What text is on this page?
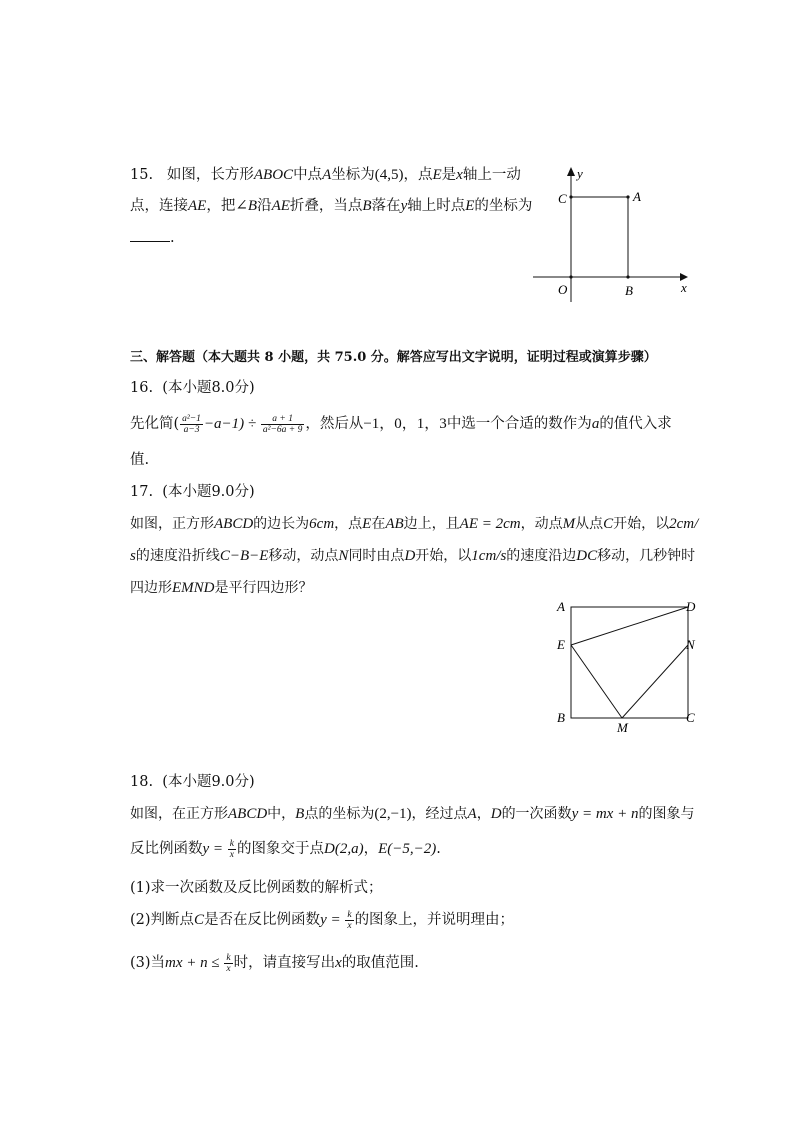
15. 如图，长方形ABOC中点A坐标为(4,5)，点E是x轴上一动
点，连接AE，把∠B沿AE折叠，当点B落在y轴上时点E的坐标为
.
y
C	A
O	B	x
三、解答题（本大题共 8 小题，共 75.0 分。解答应写出文字说明，证明过程或演算步骤）
16. (本小题8.0分)
先化简( $\frac{\text{a²−1}}{a-3} -a-1) \div \frac{a + 1}{\text{a²−6a + 9}}$ ，然后从−1，0，1，3中选一个合适的数作为a的值代入求
值.
17. (本小题9.0分)
如图，正方形ABCD的边长为6cm，点E在AB边上，且AE = 2cm，动点M从点C开始，以2cm/
s的速度沿折线C−B−E移动，动点N同时由点D开始，以1cm/s的速度沿边DC移动，几秒钟时
四边形EMND是平行四边形？
A	D
E	N
B
M
C
18. (本小题9.0分)
如图，在正方形ABCD中，B点的坐标为(2,−1)，经过点A，D的一次函数y = mx + n的图象与
反比例函数$y = \frac{k}{x}$ 的图象交于点D(2,a)，E(−5,−2).
(1)求一次函数及反比例函数的解析式；
(2)判断点C是否在反比例函数$y = \frac{k}{x}$ 的图象上，并说明理由；
(3)当mx + $n \le \frac{k}{x}$ 时，请直接写出x的取值范围.
